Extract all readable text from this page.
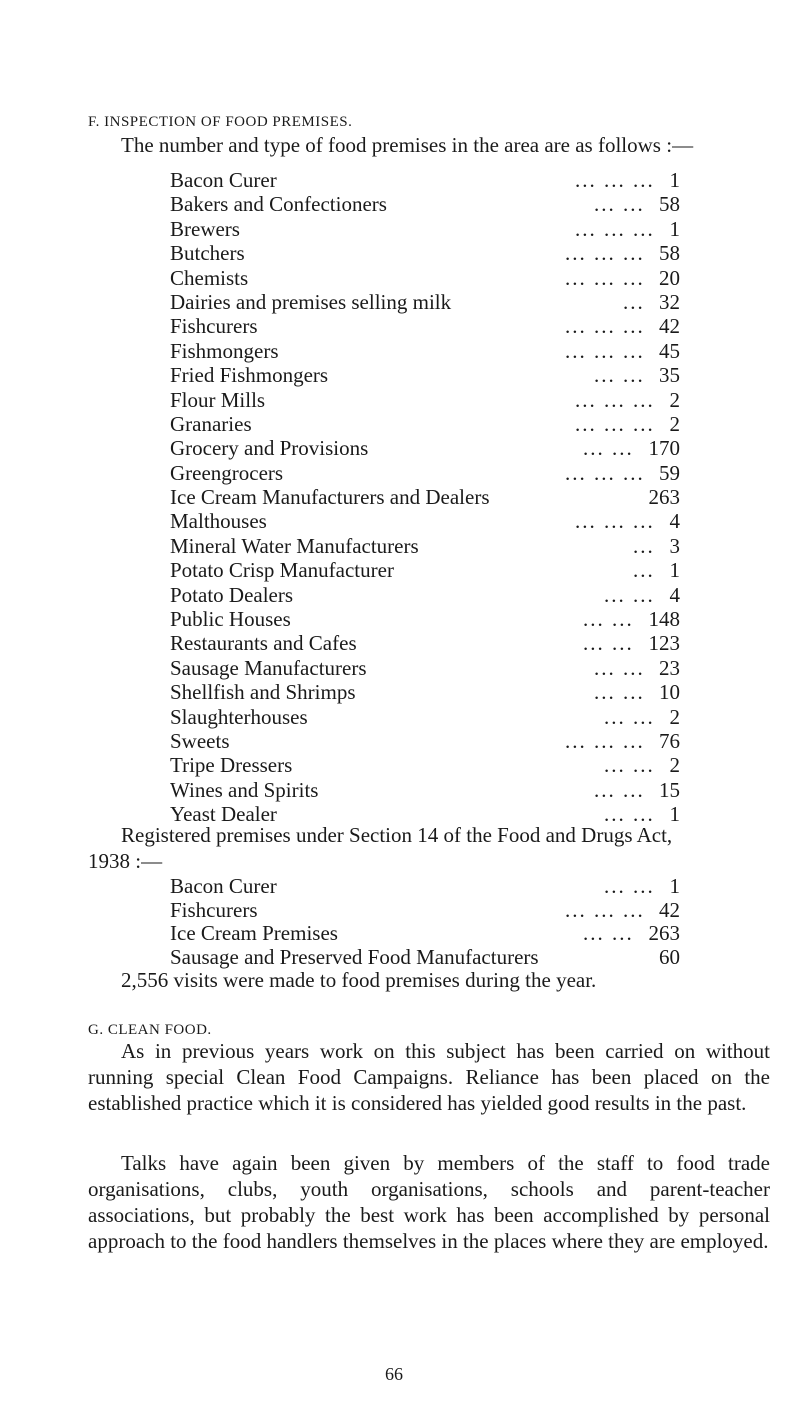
F. INSPECTION OF FOOD PREMISES.
The number and type of food premises in the area are as follows :—
Bacon Curer	... ... ... 1
Bakers and Confectioners	... ... 58
Brewers	... ... ... 1
Butchers	... ... ... 58
Chemists	... ... ... 20
Dairies and premises selling milk	... 32
Fishcurers	... ... ... 42
Fishmongers	... ... ... 45
Fried Fishmongers	... ... 35
Flour Mills	... ... ... 2
Granaries	... ... ... 2
Grocery and Provisions	... ... 170
Greengrocers	... ... ... 59
Ice Cream Manufacturers and Dealers	263
Malthouses	... ... ... 4
Mineral Water Manufacturers	... 3
Potato Crisp Manufacturer	... 1
Potato Dealers	... ... 4
Public Houses	... ... 148
Restaurants and Cafes	... ... 123
Sausage Manufacturers	... ... 23
Shellfish and Shrimps	... ... 10
Slaughterhouses	... ... 2
Sweets	... ... ... 76
Tripe Dressers	... ... 2
Wines and Spirits	... ... 15
Yeast Dealer	... ... 1
Registered premises under Section 14 of the Food and Drugs Act,
1938 :—
Bacon Curer	... ... 1
Fishcurers	... ... ... 42
Ice Cream Premises	... ... 263
Sausage and Preserved Food Manufacturers	60
2,556 visits were made to food premises during the year.
G. CLEAN FOOD.
As in previous years work on this subject has been carried on without running special Clean Food Campaigns. Reliance has been placed on the established practice which it is considered has yielded good results in the past.
Talks have again been given by members of the staff to food trade organisations, clubs, youth organisations, schools and parent-teacher associations, but probably the best work has been accomplished by personal approach to the food handlers themselves in the places where they are employed.
66
